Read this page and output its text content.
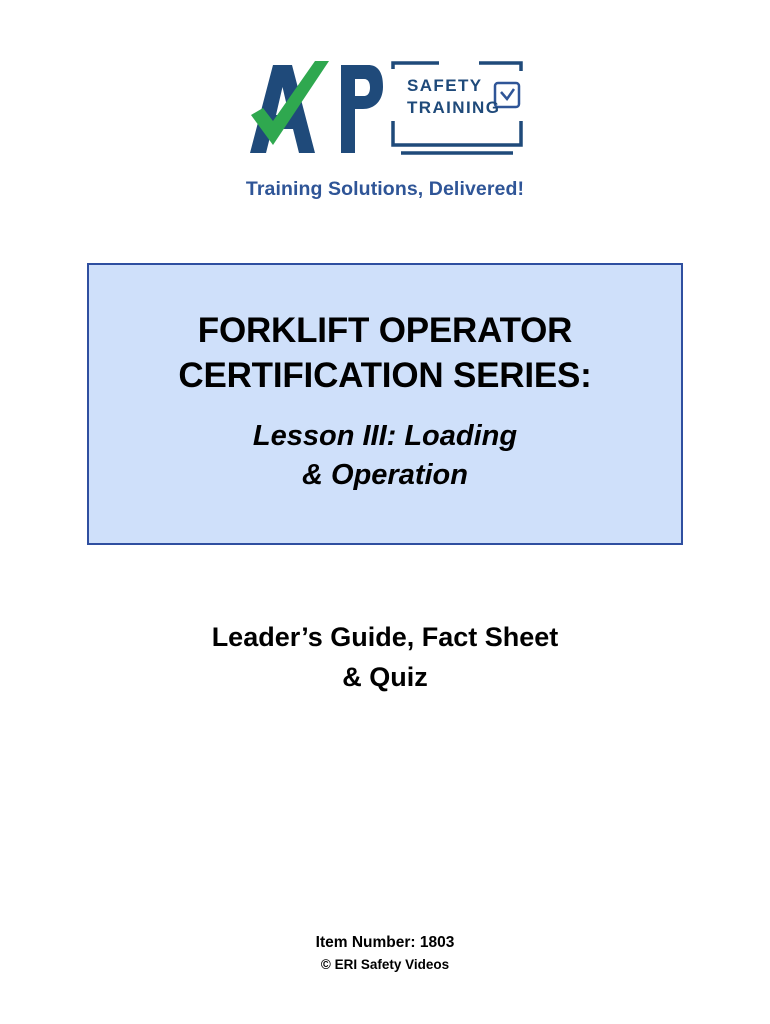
SAFETY
TRAINING
Training Solutions, Delivered!
FORKLIFT OPERATOR
CERTIFICATION SERIES:
Lesson III: Loading
& Operation
Leader’s Guide, Fact Sheet
& Quiz
Item Number: 1803
© ERI Safety Videos
